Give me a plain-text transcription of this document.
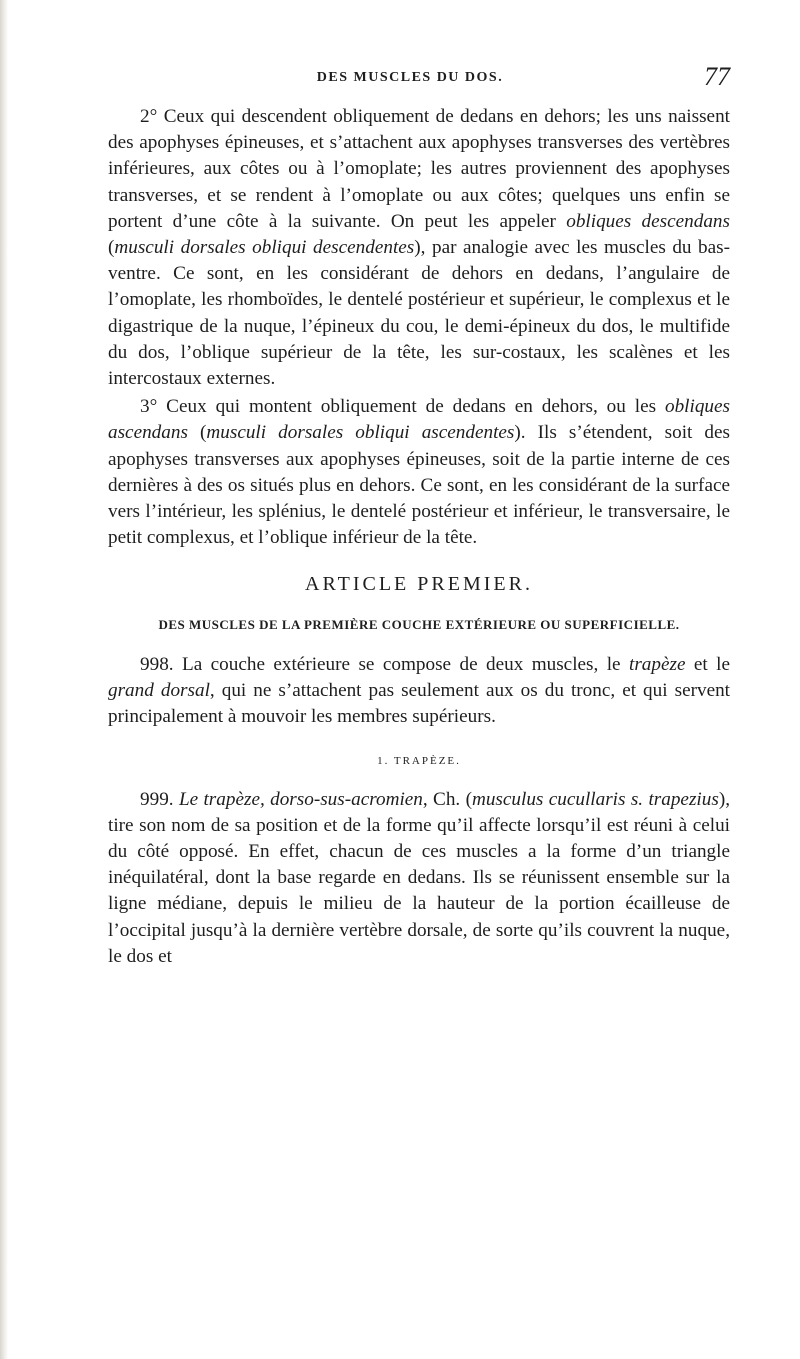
DES MUSCLES DU DOS.	77

2° Ceux qui descendent obliquement de dedans en dehors; les uns naissent des apophyses épineuses, et s’attachent aux apophyses transverses des vertèbres inférieures, aux côtes ou à l’omoplate; les autres proviennent des apophyses transverses, et se rendent à l’omoplate ou aux côtes; quelques uns enfin se portent d’une côte à la suivante. On peut les appeler obliques descendans (musculi dorsales obliqui descendentes), par analogie avec les muscles du bas-ventre. Ce sont, en les considérant de dehors en dedans, l’angulaire de l’omoplate, les rhomboïdes, le dentelé postérieur et supérieur, le complexus et le digastrique de la nuque, l’épineux du cou, le demi-épineux du dos, le multifide du dos, l’oblique supérieur de la tête, les sur-costaux, les scalènes et les intercostaux externes.

3° Ceux qui montent obliquement de dedans en dehors, ou les obliques ascendans (musculi dorsales obliqui ascendentes). Ils s’étendent, soit des apophyses transverses aux apophyses épineuses, soit de la partie interne de ces dernières à des os situés plus en dehors. Ce sont, en les considérant de la surface vers l’intérieur, les splénius, le dentelé postérieur et inférieur, le transversaire, le petit complexus, et l’oblique inférieur de la tête.

ARTICLE PREMIER.
DES MUSCLES DE LA PREMIÈRE COUCHE EXTÉRIEURE OU SUPERFICIELLE.

998. La couche extérieure se compose de deux muscles, le trapèze et le grand dorsal, qui ne s’attachent pas seulement aux os du tronc, et qui servent principalement à mouvoir les membres supérieurs.

1. TRAPÈZE.

999. Le trapèze, dorso-sus-acromien, Ch. (musculus cucullaris s. trapezius), tire son nom de sa position et de la forme qu’il affecte lorsqu’il est réuni à celui du côté opposé. En effet, chacun de ces muscles a la forme d’un triangle inéquilatéral, dont la base regarde en dedans. Ils se réunissent ensemble sur la ligne médiane, depuis le milieu de la hauteur de la portion écailleuse de l’occipital jusqu’à la dernière vertèbre dorsale, de sorte qu’ils couvrent la nuque, le dos et
